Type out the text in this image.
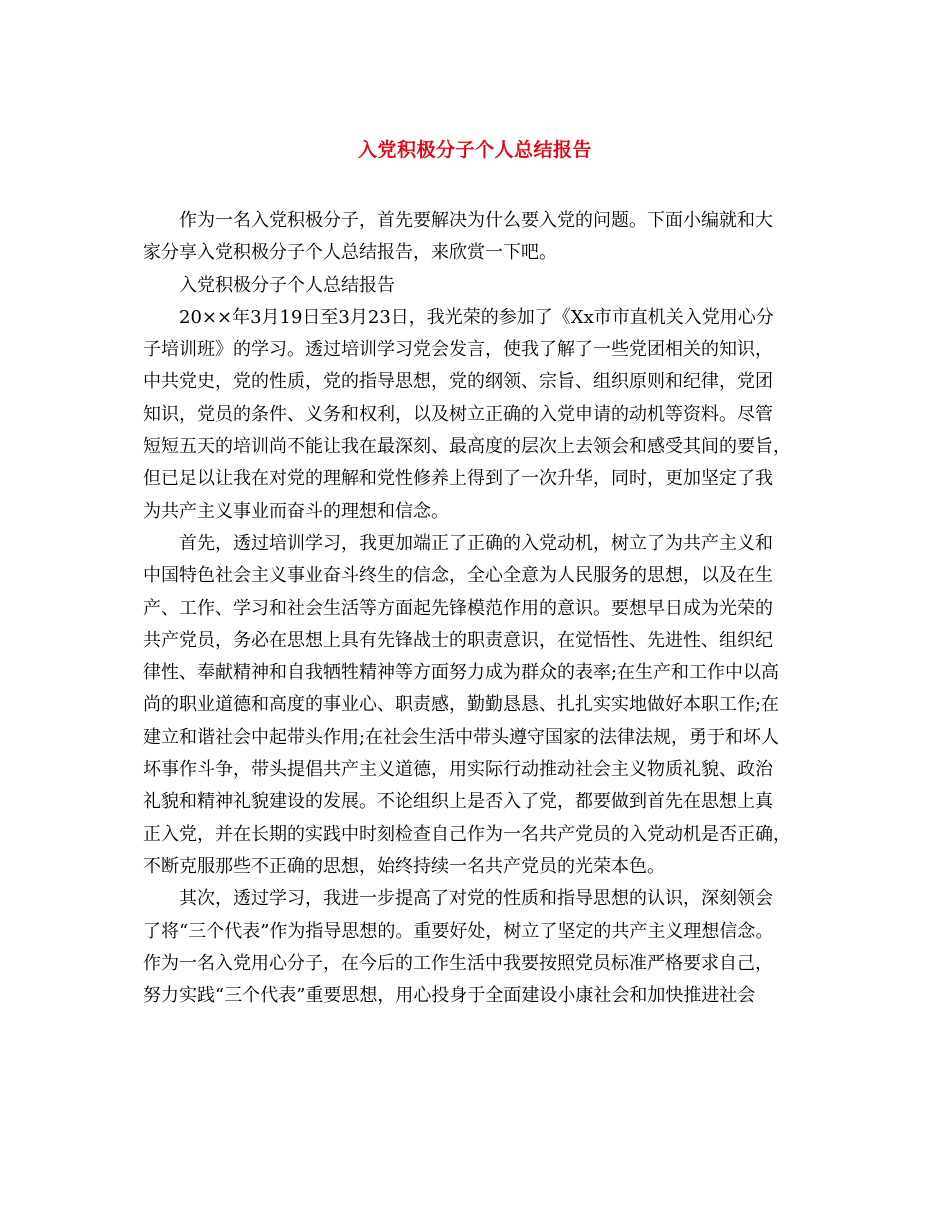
入党积极分子个人总结报告
作为一名入党积极分子，首先要解决为什么要入党的问题。下面小编就和大
家分享入党积极分子个人总结报告，来欣赏一下吧。
入党积极分子个人总结报告
20××年3月19日至3月23日，我光荣的参加了《Xx市市直机关入党用心分
子培训班》的学习。透过培训学习党会发言，使我了解了一些党团相关的知识，
中共党史，党的性质，党的指导思想，党的纲领、宗旨、组织原则和纪律，党团
知识，党员的条件、义务和权利，以及树立正确的入党申请的动机等资料。尽管
短短五天的培训尚不能让我在最深刻、最高度的层次上去领会和感受其间的要旨，
但已足以让我在对党的理解和党性修养上得到了一次升华，同时，更加坚定了我
为共产主义事业而奋斗的理想和信念。
首先，透过培训学习，我更加端正了正确的入党动机，树立了为共产主义和
中国特色社会主义事业奋斗终生的信念，全心全意为人民服务的思想，以及在生
产、工作、学习和社会生活等方面起先锋模范作用的意识。要想早日成为光荣的
共产党员，务必在思想上具有先锋战士的职责意识，在觉悟性、先进性、组织纪
律性、奉献精神和自我牺牲精神等方面努力成为群众的表率;在生产和工作中以高
尚的职业道德和高度的事业心、职责感，勤勤恳恳、扎扎实实地做好本职工作;在
建立和谐社会中起带头作用;在社会生活中带头遵守国家的法律法规，勇于和坏人
坏事作斗争，带头提倡共产主义道德，用实际行动推动社会主义物质礼貌、政治
礼貌和精神礼貌建设的发展。不论组织上是否入了党，都要做到首先在思想上真
正入党，并在长期的实践中时刻检查自己作为一名共产党员的入党动机是否正确，
不断克服那些不正确的思想，始终持续一名共产党员的光荣本色。
其次，透过学习，我进一步提高了对党的性质和指导思想的认识，深刻领会
了将“三个代表”作为指导思想的。重要好处，树立了坚定的共产主义理想信念。
作为一名入党用心分子，在今后的工作生活中我要按照党员标准严格要求自己，
努力实践“三个代表”重要思想，用心投身于全面建设小康社会和加快推进社会
